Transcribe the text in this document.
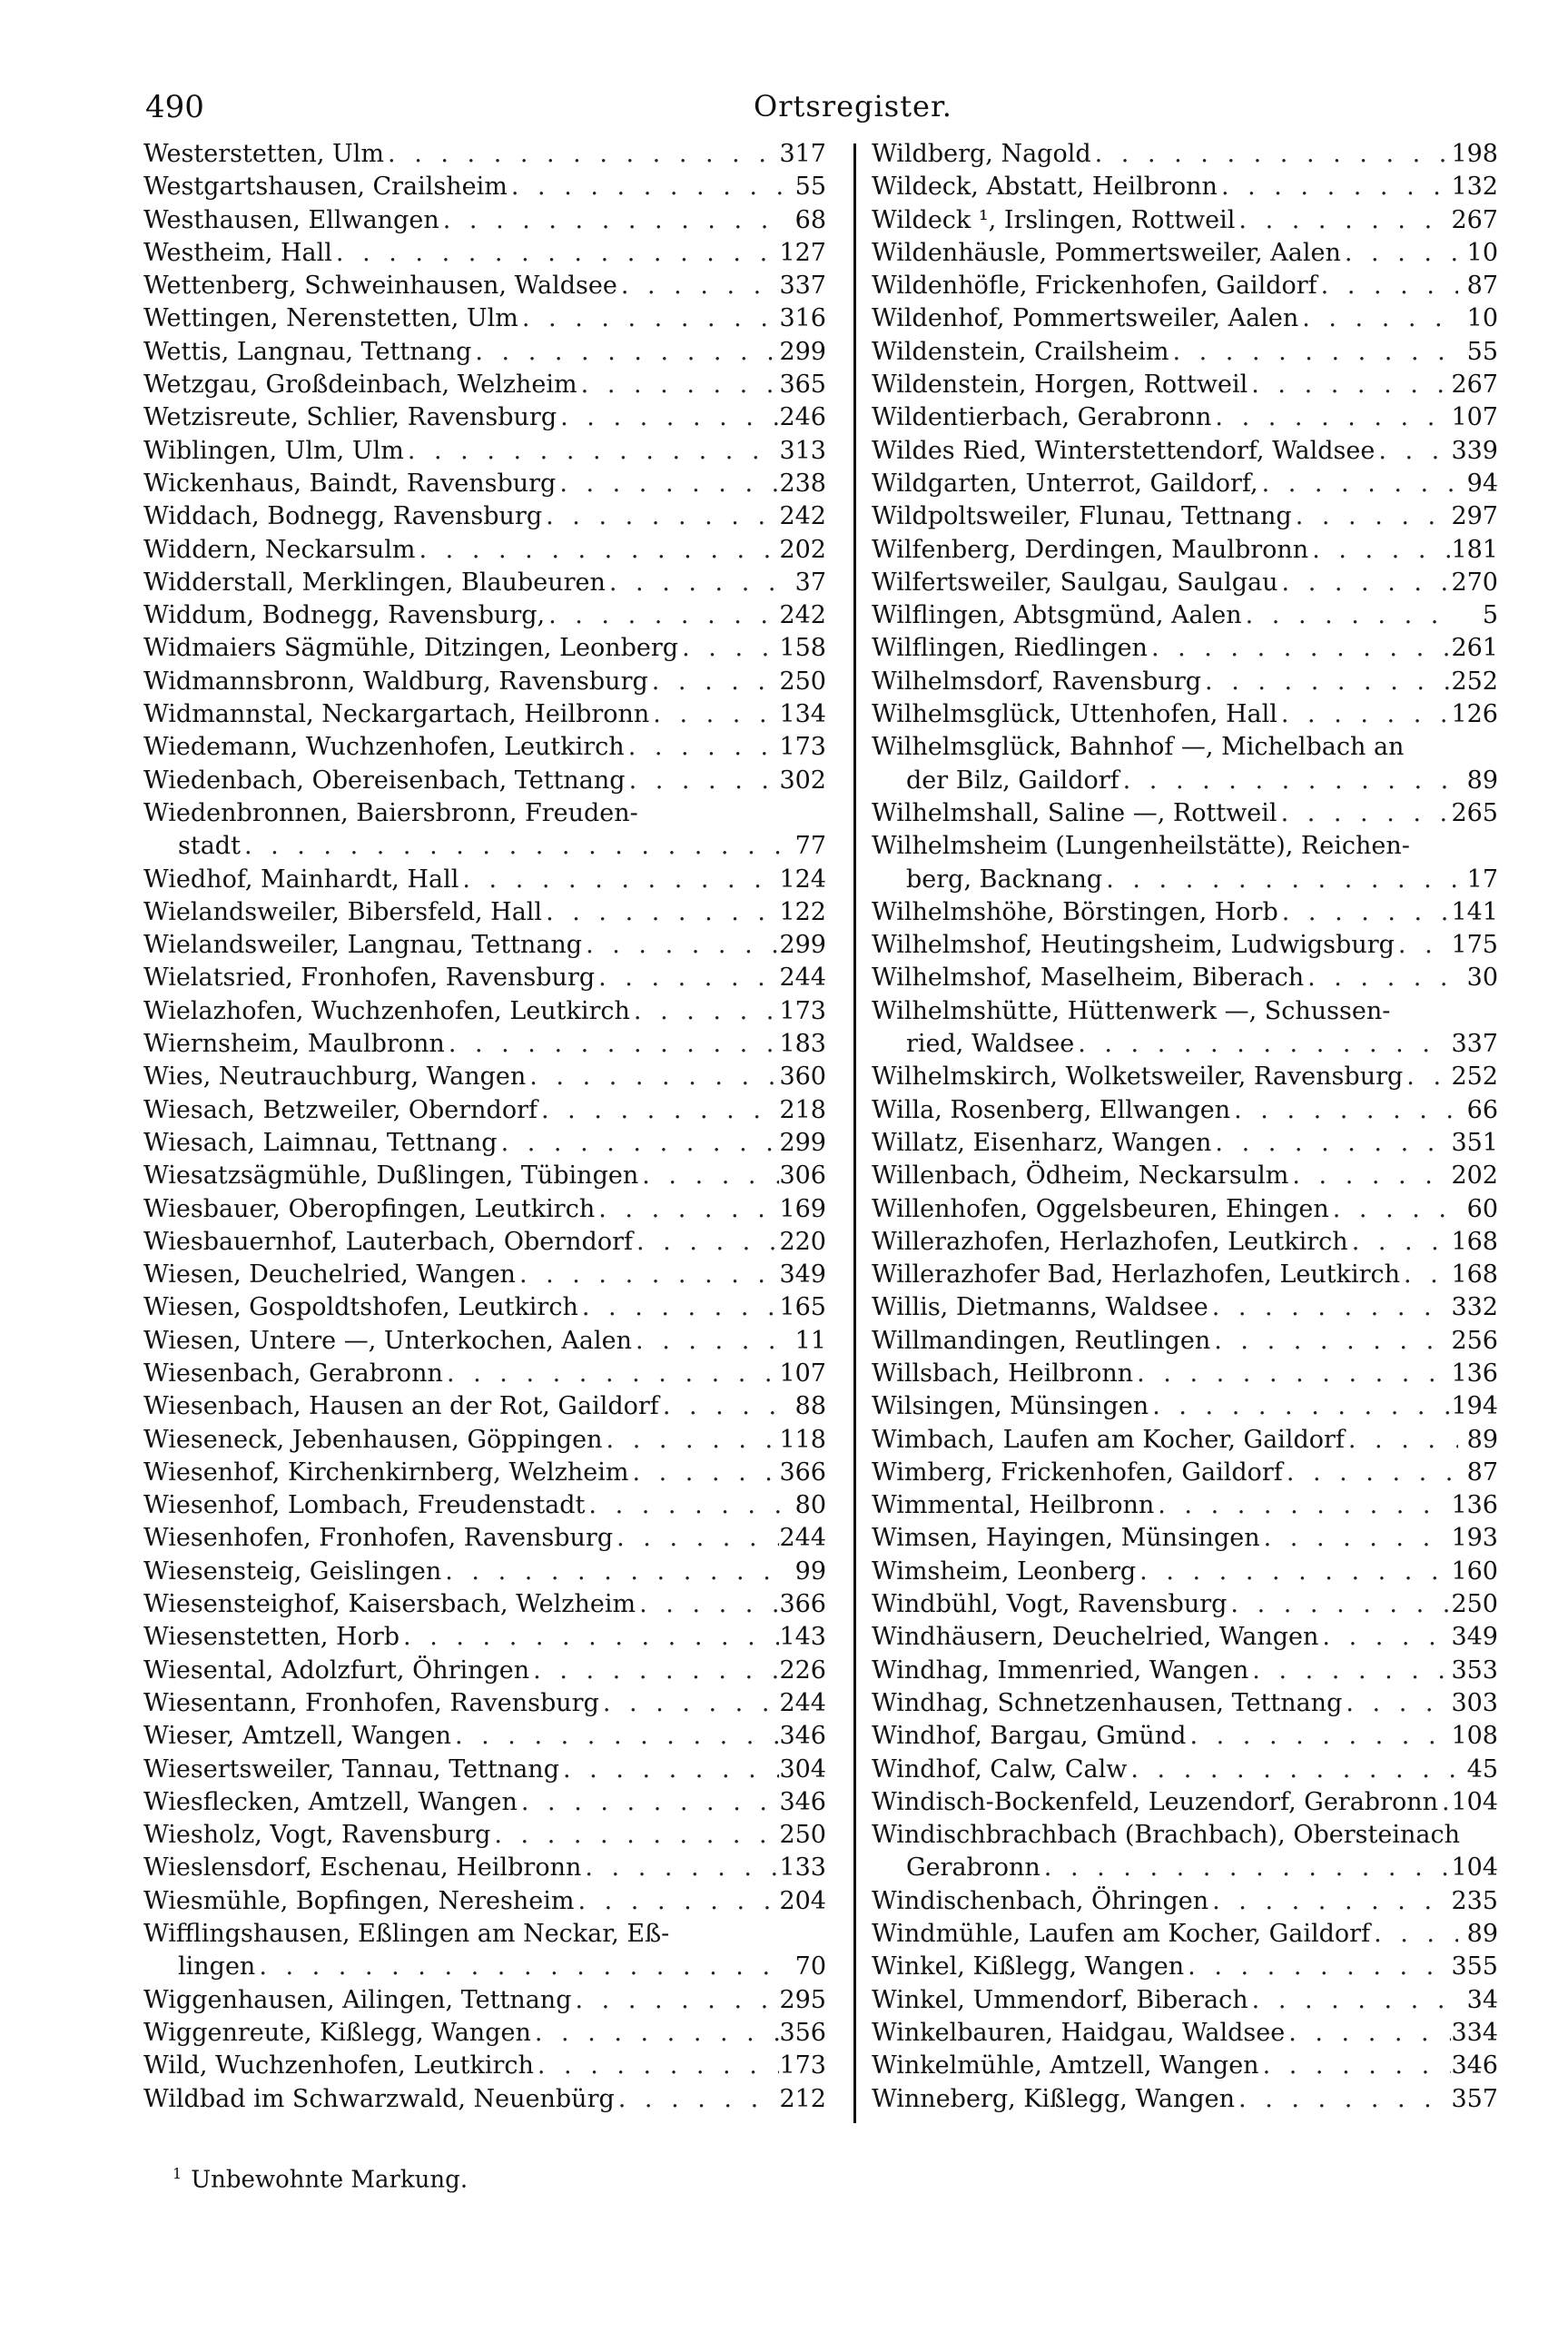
490	Ortsregister.
Westerstetten, Ulm . . .	317
Westgartshausen, Crailsheim . . .	55
Westhausen, Ellwangen . . .	68
Westheim, Hall . . .	127
Wettenberg, Schweinhausen, Waldsee . . .	337
Wettingen, Nerenstetten, Ulm . . .	316
Wettis, Langnau, Tettnang . . .	299
Wetzgau, Großdeinbach, Welzheim . . .	365
Wetzisreute, Schlier, Ravensburg . . .	246
Wiblingen, Ulm, Ulm . . .	313
Wickenhaus, Baindt, Ravensburg . . .	238
Widdach, Bodnegg, Ravensburg . . .	242
Widdern, Neckarsulm . . .	202
Widderstall, Merklingen, Blaubeuren . . .	37
Widdum, Bodnegg, Ravensburg, . . .	242
Widmaiers Sägmühle, Ditzingen, Leonberg . . .	158
Widmannsbronn, Waldburg, Ravensburg . . .	250
Widmannstal, Neckargartach, Heilbronn . . .	134
Wiedemann, Wuchzenhofen, Leutkirch . . .	173
Wiedenbach, Obereisenbach, Tettnang . . .	302
Wiedenbronnen, Baiersbronn, Freuden-
stadt . . .	77
Wiedhof, Mainhardt, Hall . . .	124
Wielandsweiler, Bibersfeld, Hall . . .	122
Wielandsweiler, Langnau, Tettnang . . .	299
Wielatsried, Fronhofen, Ravensburg . . .	244
Wielazhofen, Wuchzenhofen, Leutkirch . . .	173
Wiernsheim, Maulbronn . . .	183
Wies, Neutrauchburg, Wangen . . .	360
Wiesach, Betzweiler, Oberndorf . . .	218
Wiesach, Laimnau, Tettnang . . .	299
Wiesatzsägmühle, Dußlingen, Tübingen . . .	306
Wiesbauer, Oberopfingen, Leutkirch . . .	169
Wiesbauernhof, Lauterbach, Oberndorf . . .	220
Wiesen, Deuchelried, Wangen . . .	349
Wiesen, Gospoldtshofen, Leutkirch . . .	165
Wiesen, Untere —, Unterkochen, Aalen . . .	11
Wiesenbach, Gerabronn . . .	107
Wiesenbach, Hausen an der Rot, Gaildorf . . .	88
Wieseneck, Jebenhausen, Göppingen . . .	118
Wiesenhof, Kirchenkirnberg, Welzheim . . .	366
Wiesenhof, Lombach, Freudenstadt . . .	80
Wiesenhofen, Fronhofen, Ravensburg . . .	244
Wiesensteig, Geislingen . . .	99
Wiesensteighof, Kaisersbach, Welzheim . . .	366
Wiesenstetten, Horb . . .	143
Wiesental, Adolzfurt, Öhringen . . .	226
Wiesentann, Fronhofen, Ravensburg . . .	244
Wieser, Amtzell, Wangen . . .	346
Wiesertsweiler, Tannau, Tettnang . . .	304
Wiesflecken, Amtzell, Wangen . . .	346
Wiesholz, Vogt, Ravensburg . . .	250
Wieslensdorf, Eschenau, Heilbronn . . .	133
Wiesmühle, Bopfingen, Neresheim . . .	204
Wifflingshausen, Eßlingen am Neckar, Eß-
lingen . . .	70
Wiggenhausen, Ailingen, Tettnang . . .	295
Wiggenreute, Kißlegg, Wangen . . .	356
Wild, Wuchzenhofen, Leutkirch . . .	173
Wildbad im Schwarzwald, Neuenbürg . . .	212
Wildberg, Nagold . . .	198
Wildeck, Abstatt, Heilbronn . . .	132
Wildeck ¹, Irslingen, Rottweil . . .	267
Wildenhäusle, Pommertsweiler, Aalen . . .	10
Wildenhöfle, Frickenhofen, Gaildorf . . .	87
Wildenhof, Pommertsweiler, Aalen . . .	10
Wildenstein, Crailsheim . . .	55
Wildenstein, Horgen, Rottweil . . .	267
Wildentierbach, Gerabronn . . .	107
Wildes Ried, Winterstettendorf, Waldsee . . .	339
Wildgarten, Unterrot, Gaildorf, . . .	94
Wildpoltsweiler, Flunau, Tettnang . . .	297
Wilfenberg, Derdingen, Maulbronn . . .	181
Wilfertsweiler, Saulgau, Saulgau . . .	270
Wilflingen, Abtsgmünd, Aalen . . .	5
Wilflingen, Riedlingen . . .	261
Wilhelmsdorf, Ravensburg . . .	252
Wilhelmsglück, Uttenhofen, Hall . . .	126
Wilhelmsglück, Bahnhof —, Michelbach an
der Bilz, Gaildorf . . .	89
Wilhelmshall, Saline —, Rottweil . . .	265
Wilhelmsheim (Lungenheilstätte), Reichen-
berg, Backnang . . .	17
Wilhelmshöhe, Börstingen, Horb . . .	141
Wilhelmshof, Heutingsheim, Ludwigsburg . . . 175
Wilhelmshof, Maselheim, Biberach . . .	30
Wilhelmshütte, Hüttenwerk —, Schussen-
ried, Waldsee . . .	337
Wilhelmskirch, Wolketsweiler, Ravensburg . . . 252
Willa, Rosenberg, Ellwangen . . .	66
Willatz, Eisenharz, Wangen . . .	351
Willenbach, Ödheim, Neckarsulm . . .	202
Willenhofen, Oggelsbeuren, Ehingen . . .	60
Willerazhofen, Herlazhofen, Leutkirch . . .	168
Willerazhofer Bad, Herlazhofen, Leutkirch . . . 168
Willis, Dietmanns, Waldsee . . .	332
Willmandingen, Reutlingen . . .	256
Willsbach, Heilbronn . . .	136
Wilsingen, Münsingen . . .	194
Wimbach, Laufen am Kocher, Gaildorf . . .	89
Wimberg, Frickenhofen, Gaildorf . . .	87
Wimmental, Heilbronn . . .	136
Wimsen, Hayingen, Münsingen . . .	193
Wimsheim, Leonberg . . .	160
Windbühl, Vogt, Ravensburg . . .	250
Windhäusern, Deuchelried, Wangen . . .	349
Windhag, Immenried, Wangen . . .	353
Windhag, Schnetzenhausen, Tettnang . . .	303
Windhof, Bargau, Gmünd . . .	108
Windhof, Calw, Calw . . .	45
Windisch-Bockenfeld, Leuzendorf, Gerabronn . . . 104
Windischbrachbach (Brachbach), Obersteinach
Gerabronn . . .	104
Windischenbach, Öhringen . . .	235
Windmühle, Laufen am Kocher, Gaildorf . . .	89
Winkel, Kißlegg, Wangen . . .	355
Winkel, Ummendorf, Biberach . . .	34
Winkelbauren, Haidgau, Waldsee . . .	334
Winkelmühle, Amtzell, Wangen . . .	346
Winneberg, Kißlegg, Wangen . . .	357
$^1$ Unbewohnte Markung.
